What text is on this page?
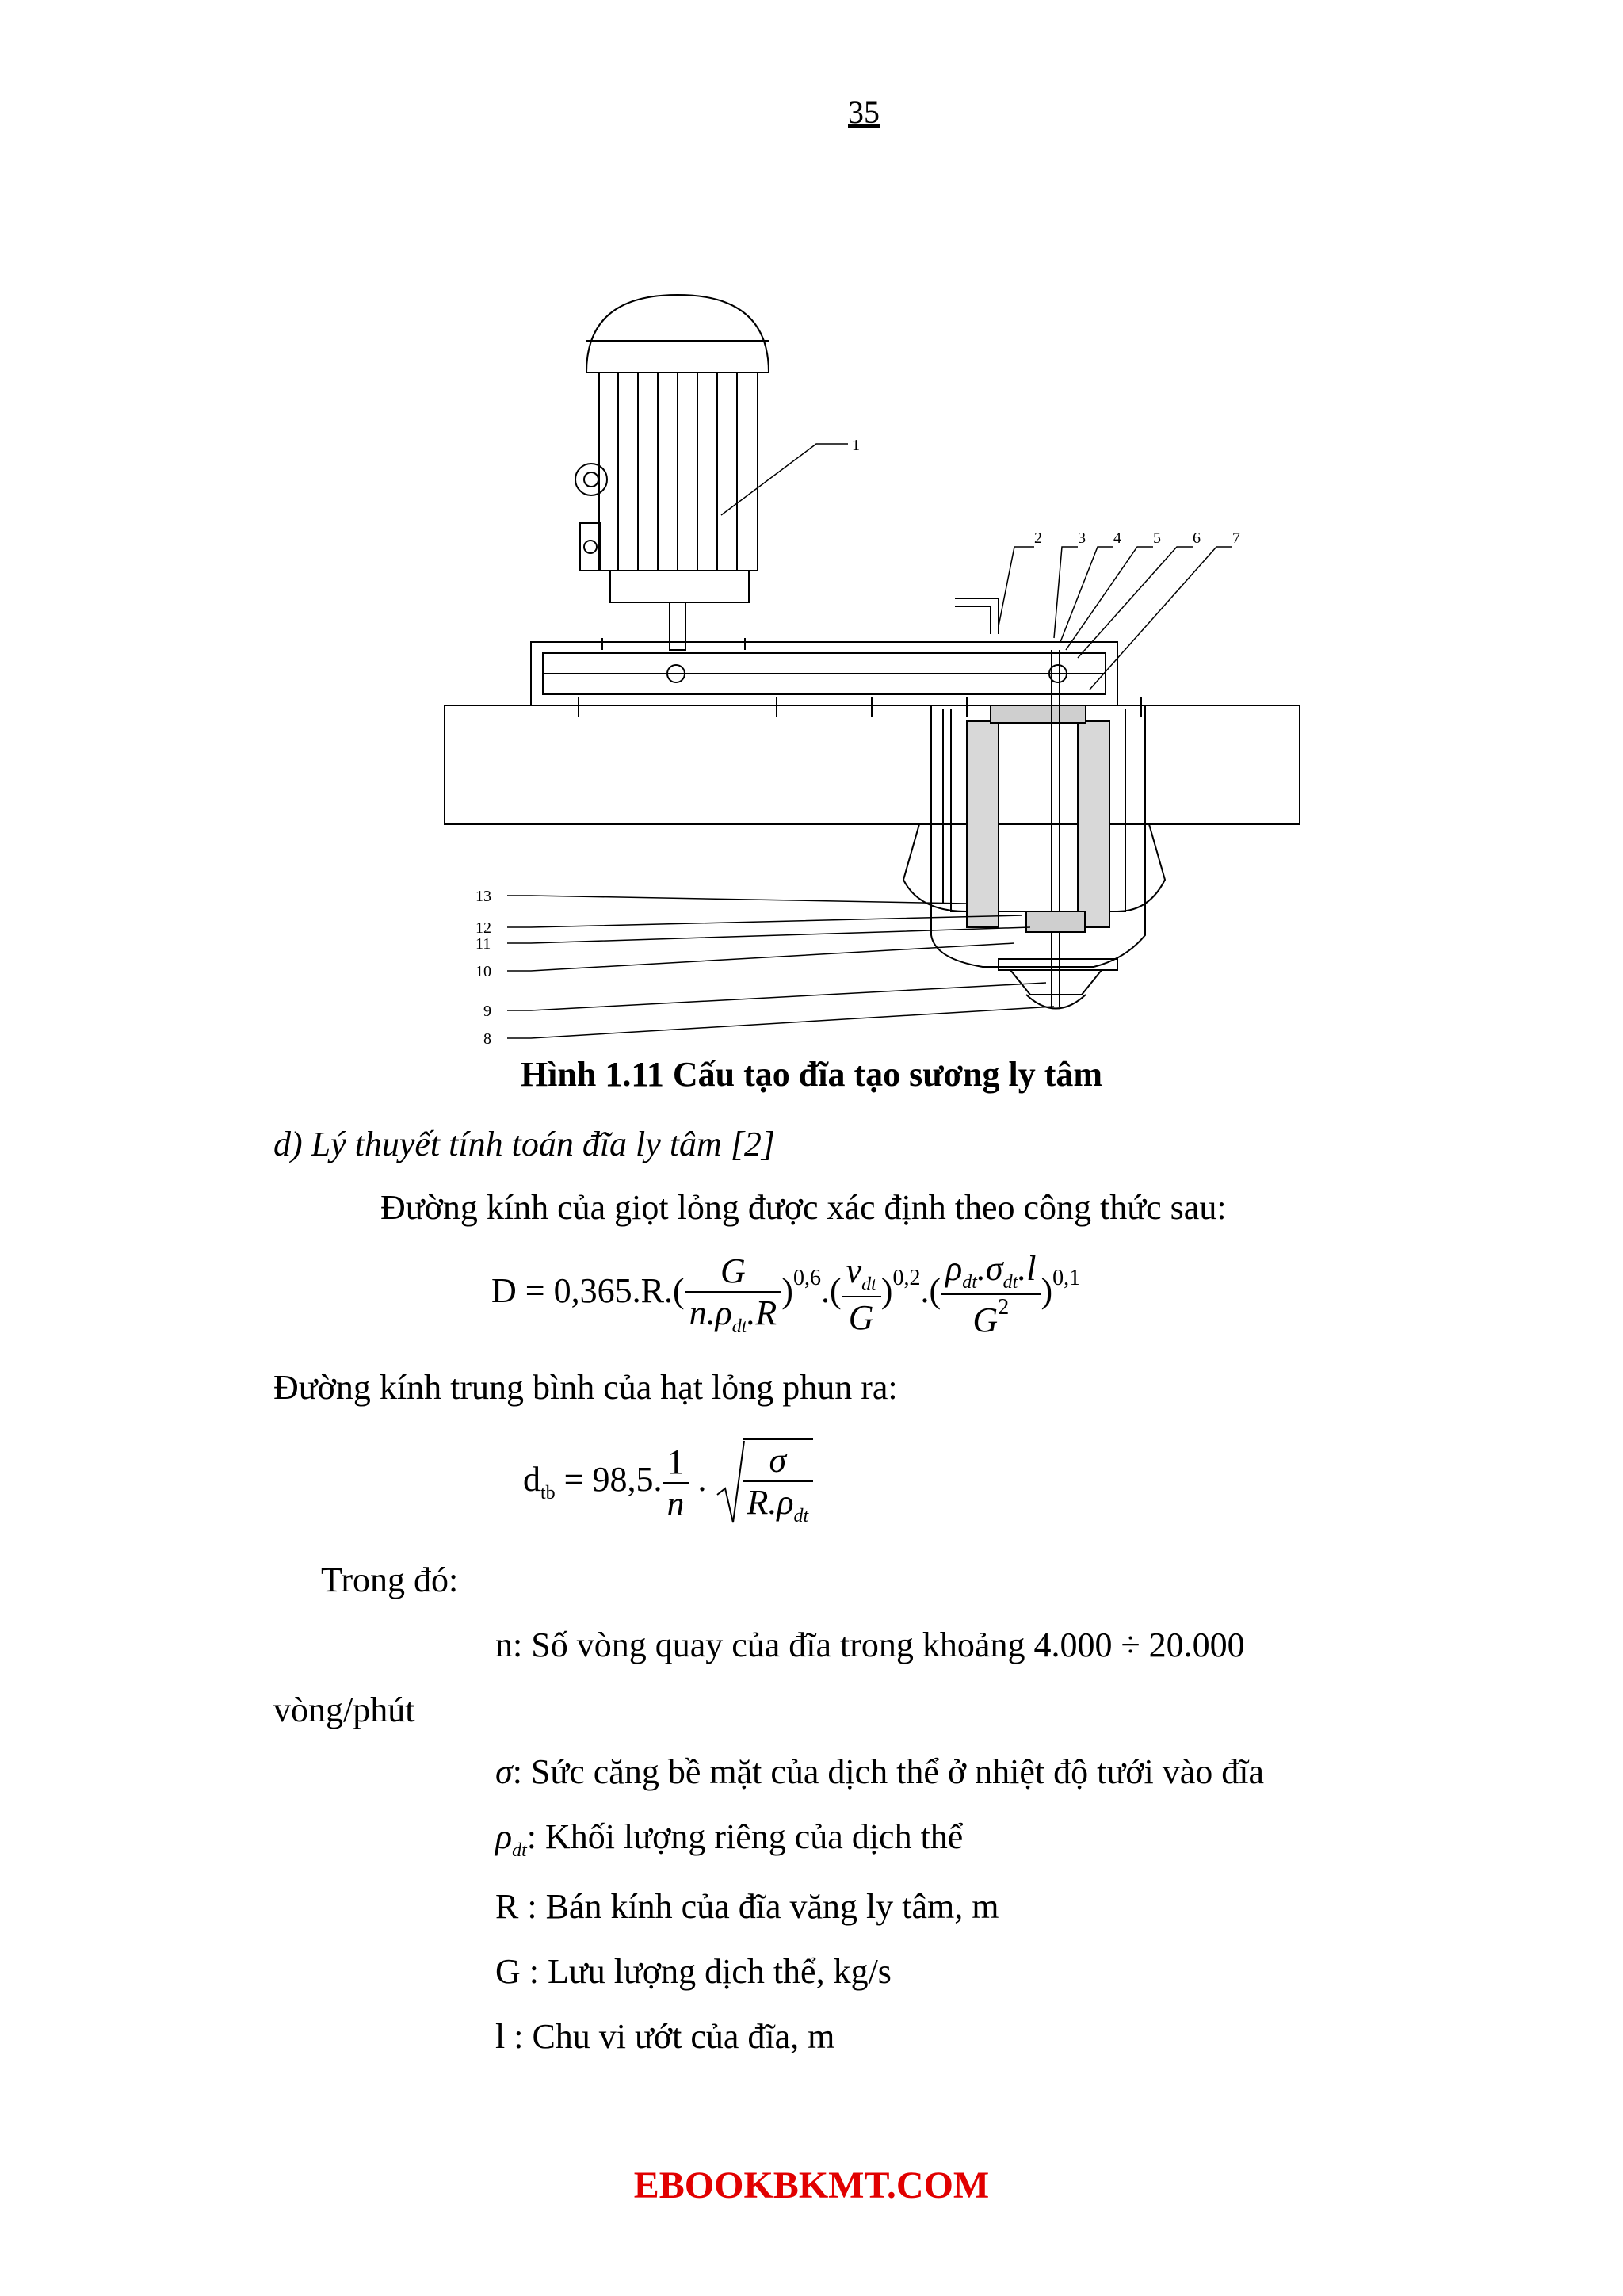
35
1
2 3 4 5 6 7
8
9
10
11
12
13
Hình 1.11 Cấu tạo đĩa tạo sương ly tâm
d) Lý thuyết tính toán đĩa ly tâm [2]
Đường kính của giọt lỏng được xác định theo công thức sau:
$D = 0,365.R.( \frac{G}{n.\rho_{dt}.R} )^{0,6}.( \frac{v_{dt}}{G} )^{0,2}.( \frac{\rho_{dt}.\sigma_{dt}.l}{G^2} )^{0,1}$
Đường kính trung bình của hạt lỏng phun ra:
$d_{tb} = 98,5$. $\frac{1}{n}$ . $\frac{\sigma}{R.\rho_{dt}}$
Trong đó:
n: Số vòng quay của đĩa trong khoảng 4.000 ÷ 20.000
vòng/phút
σ: Sức căng bề mặt của dịch thể ở nhiệt độ tưới vào đĩa
$\rho_{dt}$: Khối lượng riêng của dịch thể
R : Bán kính của đĩa văng ly tâm, m
G : Lưu lượng dịch thể, kg/s
l : Chu vi ướt của đĩa, m
EBOOKBKMT.COM
